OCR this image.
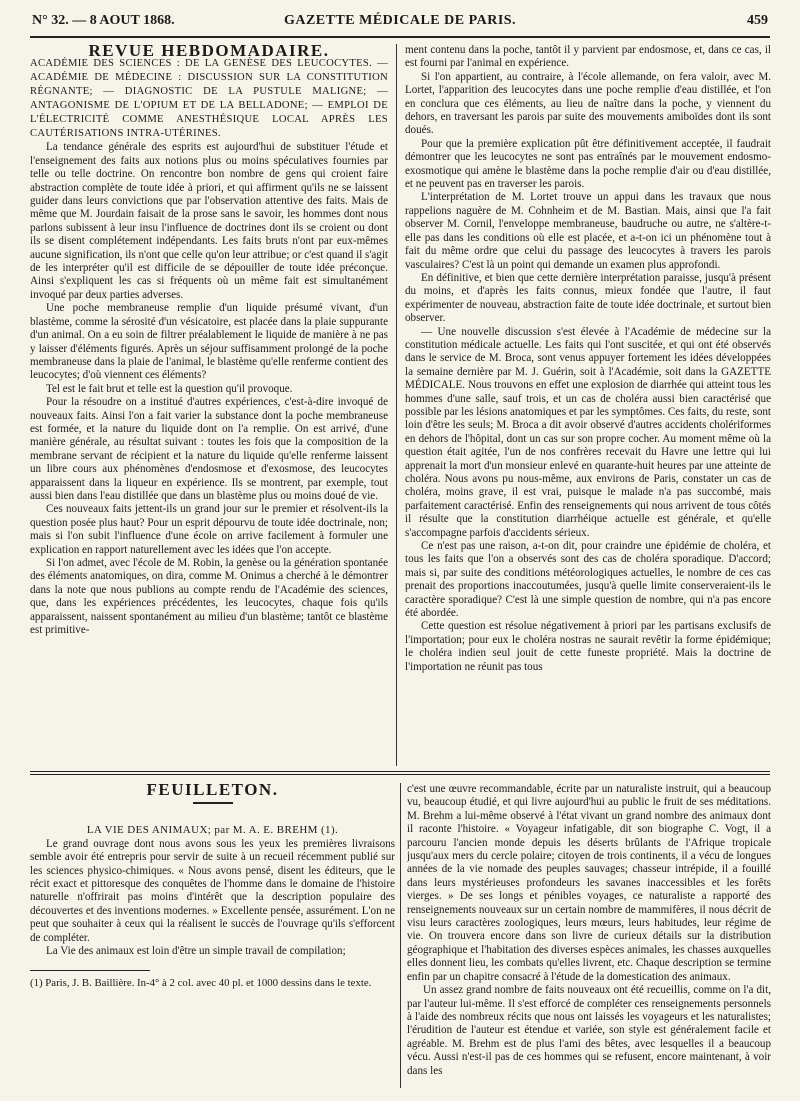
N° 32. — 8 AOUT 1868.	GAZETTE MÉDICALE DE PARIS.	459

REVUE HEBDOMADAIRE.

ACADÉMIE DES SCIENCES : DE LA GENÈSE DES LEUCOCYTES. — ACADÉMIE DE MÉDECINE : DISCUSSION SUR LA CONSTITUTION RÉGNANTE; — DIAGNOSTIC DE LA PUSTULE MALIGNE; — ANTAGONISME DE L'OPIUM ET DE LA BELLADONE; — EMPLOI DE L'ÉLECTRICITÉ COMME ANESTHÉSIQUE LOCAL APRÈS LES CAUTÉRISATIONS INTRA-UTÉRINES.

La tendance générale des esprits est aujourd'hui de substituer l'étude et l'enseignement des faits aux notions plus ou moins spéculatives fournies par telle ou telle doctrine. On rencontre bon nombre de gens qui croient faire abstraction complète de toute idée à priori, et qui affirment qu'ils ne se laissent guider dans leurs convictions que par l'observation attentive des faits. Mais de même que M. Jourdain faisait de la prose sans le savoir, les hommes dont nous parlons subissent à leur insu l'influence de doctrines dont ils se croient ou dont ils se disent complétement indépendants. Les faits bruts n'ont par eux-mêmes aucune signification, ils n'ont que celle qu'on leur attribue; or c'est quand il s'agit de les interpréter qu'il est difficile de se dépouiller de toute idée préconçue. Ainsi s'expliquent les cas si fréquents où un même fait est simultanément invoqué par deux parties adverses.

Une poche membraneuse remplie d'un liquide présumé vivant, d'un blastème, comme la sérosité d'un vésicatoire, est placée dans la plaie suppurante d'un animal. On a eu soin de filtrer préalablement le liquide de manière à ne pas y laisser d'éléments figurés. Après un séjour suffisamment prolongé de la poche membraneuse dans la plaie de l'animal, le blastème qu'elle renferme contient des leucocytes; d'où viennent ces éléments?

Tel est le fait brut et telle est la question qu'il provoque.

Pour la résoudre on a institué d'autres expériences, c'est-à-dire invoqué de nouveaux faits. Ainsi l'on a fait varier la substance dont la poche membraneuse est formée, et la nature du liquide dont on l'a remplie. On est arrivé, d'une manière générale, au résultat suivant : toutes les fois que la composition de la membrane servant de récipient et la nature du liquide qu'elle renferme laissent un libre cours aux phénomènes d'endosmose et d'exosmose, des leucocytes apparaissent dans la liqueur en expérience. Ils se montrent, par exemple, tout aussi bien dans l'eau distillée que dans un blastème plus ou moins doué de vie.

Ces nouveaux faits jettent-ils un grand jour sur le premier et résolvent-ils la question posée plus haut? Pour un esprit dépourvu de toute idée doctrinale, non; mais si l'on subit l'influence d'une école on arrive facilement à formuler une explication en rapport naturellement avec les idées que l'on accepte.

Si l'on admet, avec l'école de M. Robin, la genèse ou la génération spontanée des éléments anatomiques, on dira, comme M. Onimus a cherché à le démontrer dans la note que nous publions au compte rendu de l'Académie des sciences, que, dans les expériences précédentes, les leucocytes, chaque fois qu'ils apparaissent, naissent spontanément au milieu d'un blastème; tantôt ce blastème est primitive-

ment contenu dans la poche, tantôt il y parvient par endosmose, et, dans ce cas, il est fourni par l'animal en expérience.

Si l'on appartient, au contraire, à l'école allemande, on fera valoir, avec M. Lortet, l'apparition des leucocytes dans une poche remplie d'eau distillée, et l'on en conclura que ces éléments, au lieu de naître dans la poche, y viennent du dehors, en traversant les parois par suite des mouvements amiboïdes dont ils sont doués.

Pour que la première explication pût être définitivement acceptée, il faudrait démontrer que les leucocytes ne sont pas entraînés par le mouvement endosmo-exosmotique qui amène le blastème dans la poche remplie d'air ou d'eau distillée, et ne peuvent pas en traverser les parois.

L'interprétation de M. Lortet trouve un appui dans les travaux que nous rappelions naguère de M. Cohnheim et de M. Bastian. Mais, ainsi que l'a fait observer M. Cornil, l'enveloppe membraneuse, baudruche ou autre, ne s'altère-t-elle pas dans les conditions où elle est placée, et a-t-on ici un phénomène tout à fait du même ordre que celui du passage des leucocytes à travers les parois vasculaires? C'est là un point qui demande un examen plus approfondi.

En définitive, et bien que cette dernière interprétation paraisse, jusqu'à présent du moins, et d'après les faits connus, mieux fondée que l'autre, il faut expérimenter de nouveau, abstraction faite de toute idée doctrinale, et surtout bien observer.

— Une nouvelle discussion s'est élevée à l'Académie de médecine sur la constitution médicale actuelle. Les faits qui l'ont suscitée, et qui ont été observés dans le service de M. Broca, sont venus appuyer fortement les idées développées la semaine dernière par M. J. Guérin, soit à l'Académie, soit dans la GAZETTE MÉDICALE. Nous trouvons en effet une explosion de diarrhée qui atteint tous les hommes d'une salle, sauf trois, et un cas de choléra aussi bien caractérisé que possible par les lésions anatomiques et par les symptômes. Ces faits, du reste, sont loin d'être les seuls; M. Broca a dit avoir observé d'autres accidents cholériformes en dehors de l'hôpital, dont un cas sur son propre cocher. Au moment même où la question était agitée, l'un de nos confrères recevait du Havre une lettre qui lui apprenait la mort d'un monsieur enlevé en quarante-huit heures par une atteinte de choléra. Nous avons pu nous-même, aux environs de Paris, constater un cas de choléra, moins grave, il est vrai, puisque le malade n'a pas succombé, mais parfaitement caractérisé. Enfin des renseignements qui nous arrivent de tous côtés il résulte que la constitution diarrhéique actuelle est générale, et qu'elle s'accompagne parfois d'accidents sérieux.

Ce n'est pas une raison, a-t-on dit, pour craindre une épidémie de choléra, et tous les faits que l'on a observés sont des cas de choléra sporadique. D'accord; mais si, par suite des conditions météorologiques actuelles, le nombre de ces cas prenait des proportions inaccoutumées, jusqu'à quelle limite conserveraient-ils le caractère sporadique? C'est là une simple question de nombre, qui n'a pas encore été abordée.

Cette question est résolue négativement à priori par les partisans exclusifs de l'importation; pour eux le choléra nostras ne saurait revêtir la forme épidémique; le choléra indien seul jouit de cette funeste propriété. Mais la doctrine de l'importation ne réunit pas tous

FEUILLETON.

LA VIE DES ANIMAUX; par M. A. E. BREHM (1).

Le grand ouvrage dont nous avons sous les yeux les premières livraisons semble avoir été entrepris pour servir de suite à un recueil récemment publié sur les sciences physico-chimiques. « Nous avons pensé, disent les éditeurs, que le récit exact et pittoresque des conquêtes de l'homme dans le domaine de l'histoire naturelle n'offrirait pas moins d'intérêt que la description populaire des découvertes et des inventions modernes. » Excellente pensée, assurément. L'on ne peut que souhaiter à ceux qui la réalisent le succès de l'ouvrage qu'ils s'efforcent de compléter.

La Vie des animaux est loin d'être un simple travail de compilation;

(1) Paris, J. B. Baillière. In-4° à 2 col. avec 40 pl. et 1000 dessins dans le texte.

c'est une œuvre recommandable, écrite par un naturaliste instruit, qui a beaucoup vu, beaucoup étudié, et qui livre aujourd'hui au public le fruit de ses méditations. M. Brehm a lui-même observé à l'état vivant un grand nombre des animaux dont il raconte l'histoire. « Voyageur infatigable, dit son biographe C. Vogt, il a parcouru l'ancien monde depuis les déserts brûlants de l'Afrique tropicale jusqu'aux mers du cercle polaire; citoyen de trois continents, il a vécu de longues années de la vie nomade des peuples sauvages; chasseur intrépide, il a fouillé dans leurs mystérieuses profondeurs les savanes inaccessibles et les forêts vierges. » De ses longs et pénibles voyages, ce naturaliste a rapporté des renseignements nouveaux sur un certain nombre de mammifères, il nous décrit de visu leurs caractères zoologiques, leurs mœurs, leurs habitudes, leur régime de vie. On trouvera encore dans son livre de curieux détails sur la distribution géographique et l'habitation des diverses espèces animales, les chasses auxquelles elles donnent lieu, les combats qu'elles livrent, etc. Chaque description se termine enfin par un chapitre consacré à l'étude de la domestication des animaux.

Un assez grand nombre de faits nouveaux ont été recueillis, comme on l'a dit, par l'auteur lui-même. Il s'est efforcé de compléter ces renseignements personnels à l'aide des nombreux récits que nous ont laissés les voyageurs et les naturalistes; l'érudition de l'auteur est étendue et variée, son style est généralement facile et agréable. M. Brehm est de plus l'ami des bêtes, avec lesquelles il a beaucoup vécu. Aussi n'est-il pas de ces hommes qui se refusent, encore maintenant, à voir dans les
